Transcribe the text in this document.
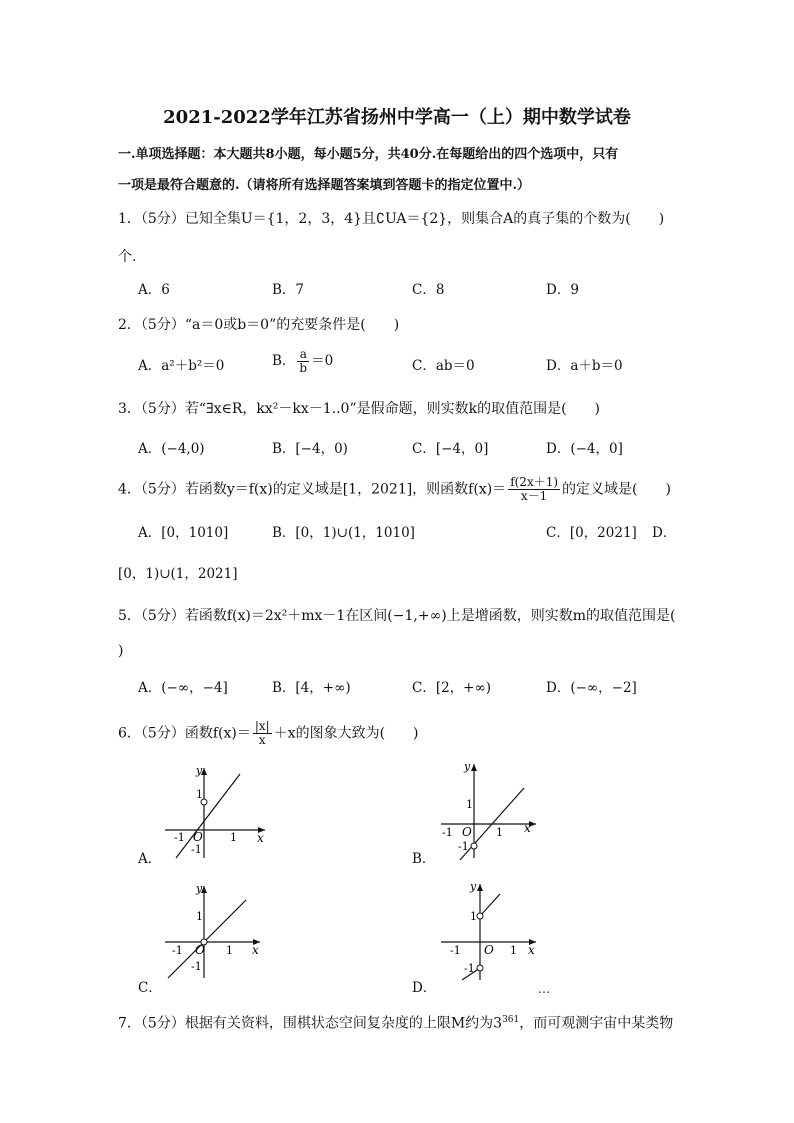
2021-2022学年江苏省扬州中学高一（上）期中数学试卷
一.单项选择题：本大题共8小题，每小题5分，共40分.在每题给出的四个选项中，只有
一项是最符合题意的.（请将所有选择题答案填到答题卡的指定位置中.）
1．（5分）已知全集U＝{1，2，3，4}且∁UA＝{2}，则集合A的真子集的个数为(　　)
个.
A．6	B．7	C．8	D．9
2．（5分）“a＝0或b＝0”的充要条件是(　　)
A．a²＋b²＝0	B． $\frac{a}{b} =0$	C．ab＝0	D．a＋b＝0
3．（5分）若“∃x∈R，kx²－kx－1..0”是假命题，则实数k的取值范围是(　　)
A．(−4,0)	B．[−4，0)	C．[−4，0]	D．(−4，0]
4．（5分）若函数y＝f(x)的定义域是[1，2021]，则函数$f(x)= \frac{f(2x+1)}{x-1}$ 的定义域是(　　)
A．[0，1010]	B．[0，1)∪(1，1010]	C．[0，2021] D．
[0，1)∪(1，2021]
5．（5分）若函数f(x)＝2x²＋mx－1在区间(−1,+∞)上是增函数，则实数m的取值范围是(
)
A．(−∞，−4]	B．[4，+∞)	C．[2，+∞)	D．(−∞，−2]
6．（5分）函数$f(x)= \frac{|x|}{x} +x$的图象大致为(　　)
A．
y
x
O
1
1
-1
-1
B．
y
x
O
1
1
-1
-1
C．
y
x
O
1
1
-1
-1
D．
y
x
O
1
1
-1
-1
…
7．（5分）根据有关资料，围棋状态空间复杂度的上限M约为$3^{361}$，而可观测宇宙中某类物
